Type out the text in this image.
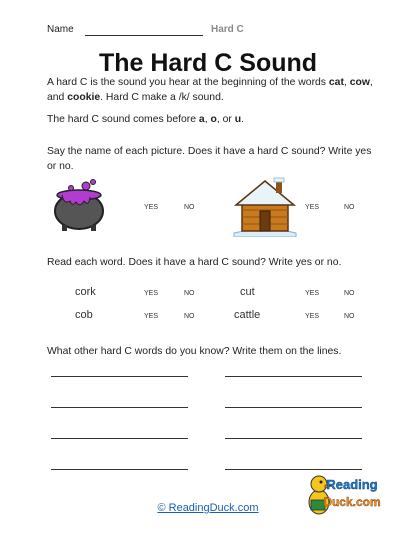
Name	Hard C
The Hard C Sound
A hard C is the sound you hear at the beginning of the words cat, cow, and cookie. Hard C make a /k/ sound.
The hard C sound comes before a, o, or u.
Say the name of each picture. Does it have a hard C sound? Write yes or no.
YES	NO	YES	NO
Read each word. Does it have a hard C sound? Write yes or no.
cork	YES	NO	cut	YES	NO
cob	YES	NO	cattle	YES	NO
What other hard C words do you know? Write them on the lines.
© ReadingDuck.com
Reading
Duck.com
